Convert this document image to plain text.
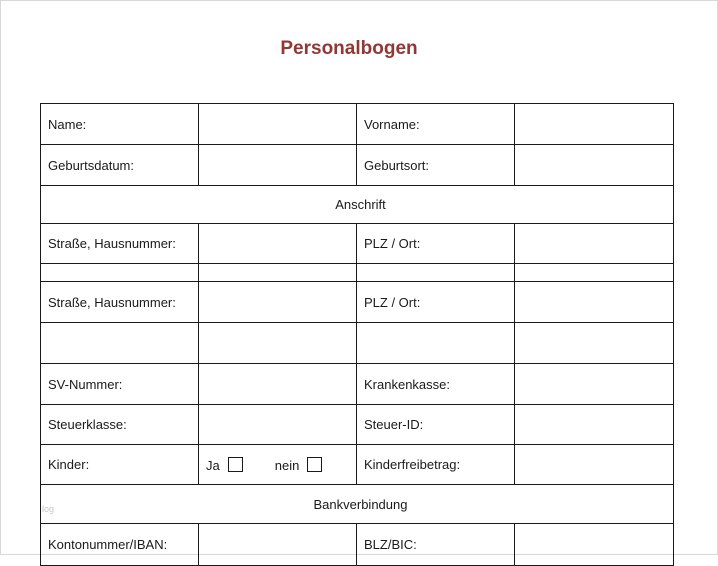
Personalbogen
Name:		Vorname:	
Geburtsdatum:		Geburtsort:	
Anschrift			
Straße, Hausnummer:		PLZ / Ort:	

Straße, Hausnummer:		PLZ / Ort:	

SV-Nummer:		Krankenkasse:	
Steuerklasse:		Steuer-ID:	
Kinder:	Ja nein	Kinderfreibetrag:	
Bankverbindung			
Kontonummer/IBAN:		BLZ/BIC:	
log
